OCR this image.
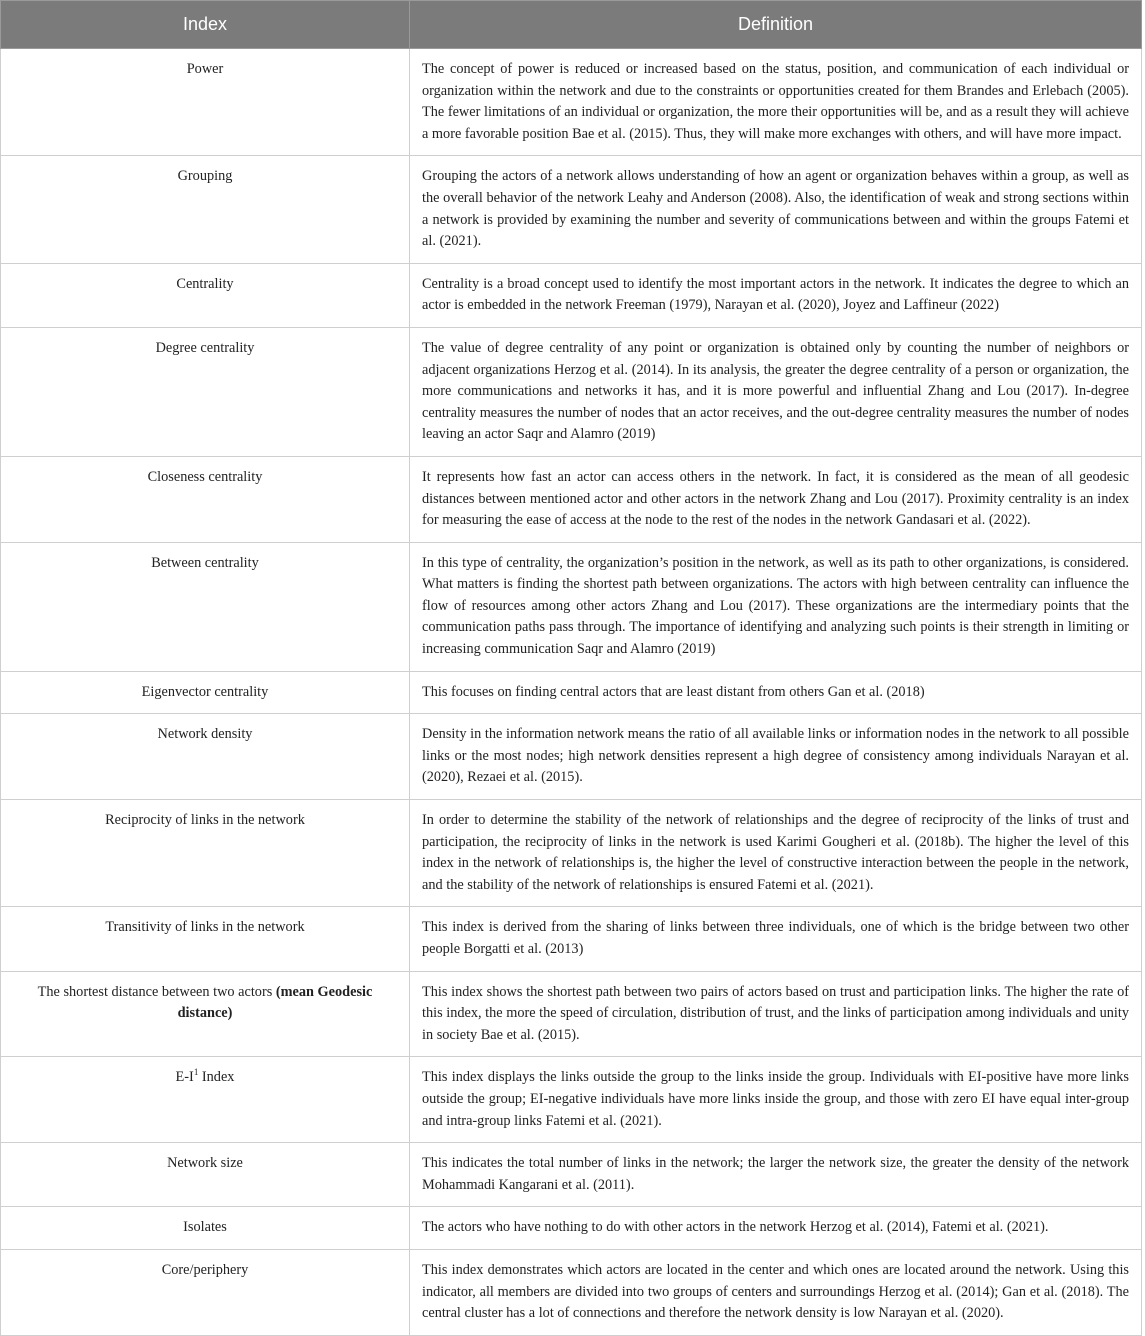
Index	Definition
Power	The concept of power is reduced or increased based on the status, position, and communication of each individual or organization within the network and due to the constraints or opportunities created for them Brandes and Erlebach (2005). The fewer limitations of an individual or organization, the more their opportunities will be, and as a result they will achieve a more favorable position Bae et al. (2015). Thus, they will make more exchanges with others, and will have more impact.
Grouping	Grouping the actors of a network allows understanding of how an agent or organization behaves within a group, as well as the overall behavior of the network Leahy and Anderson (2008). Also, the identification of weak and strong sections within a network is provided by examining the number and severity of communications between and within the groups Fatemi et al. (2021).
Centrality	Centrality is a broad concept used to identify the most important actors in the network. It indicates the degree to which an actor is embedded in the network Freeman (1979), Narayan et al. (2020), Joyez and Laffineur (2022)
Degree centrality	The value of degree centrality of any point or organization is obtained only by counting the number of neighbors or adjacent organizations Herzog et al. (2014). In its analysis, the greater the degree centrality of a person or organization, the more communications and networks it has, and it is more powerful and influential Zhang and Lou (2017). In-degree centrality measures the number of nodes that an actor receives, and the out-degree centrality measures the number of nodes leaving an actor Saqr and Alamro (2019)
Closeness centrality	It represents how fast an actor can access others in the network. In fact, it is considered as the mean of all geodesic distances between mentioned actor and other actors in the network Zhang and Lou (2017). Proximity centrality is an index for measuring the ease of access at the node to the rest of the nodes in the network Gandasari et al. (2022).
Between centrality	In this type of centrality, the organization’s position in the network, as well as its path to other organizations, is considered. What matters is finding the shortest path between organizations. The actors with high between centrality can influence the flow of resources among other actors Zhang and Lou (2017). These organizations are the intermediary points that the communication paths pass through. The importance of identifying and analyzing such points is their strength in limiting or increasing communication Saqr and Alamro (2019)
Eigenvector centrality	This focuses on finding central actors that are least distant from others Gan et al. (2018)
Network density	Density in the information network means the ratio of all available links or information nodes in the network to all possible links or the most nodes; high network densities represent a high degree of consistency among individuals Narayan et al. (2020), Rezaei et al. (2015).
Reciprocity of links in the network	In order to determine the stability of the network of relationships and the degree of reciprocity of the links of trust and participation, the reciprocity of links in the network is used Karimi Gougheri et al. (2018b). The higher the level of this index in the network of relationships is, the higher the level of constructive interaction between the people in the network, and the stability of the network of relationships is ensured Fatemi et al. (2021).
Transitivity of links in the network	This index is derived from the sharing of links between three individuals, one of which is the bridge between two other people Borgatti et al. (2013)
The shortest distance between two actors (mean Geodesic distance)	This index shows the shortest path between two pairs of actors based on trust and participation links. The higher the rate of this index, the more the speed of circulation, distribution of trust, and the links of participation among individuals and unity in society Bae et al. (2015).
$E-I^1$ Index	This index displays the links outside the group to the links inside the group. Individuals with EI-positive have more links outside the group; EI-negative individuals have more links inside the group, and those with zero EI have equal inter-group and intra-group links Fatemi et al. (2021).
Network size	This indicates the total number of links in the network; the larger the network size, the greater the density of the network Mohammadi Kangarani et al. (2011).
Isolates	The actors who have nothing to do with other actors in the network Herzog et al. (2014), Fatemi et al. (2021).
Core/periphery	This index demonstrates which actors are located in the center and which ones are located around the network. Using this indicator, all members are divided into two groups of centers and surroundings Herzog et al. (2014); Gan et al. (2018). The central cluster has a lot of connections and therefore the network density is low Narayan et al. (2020).
